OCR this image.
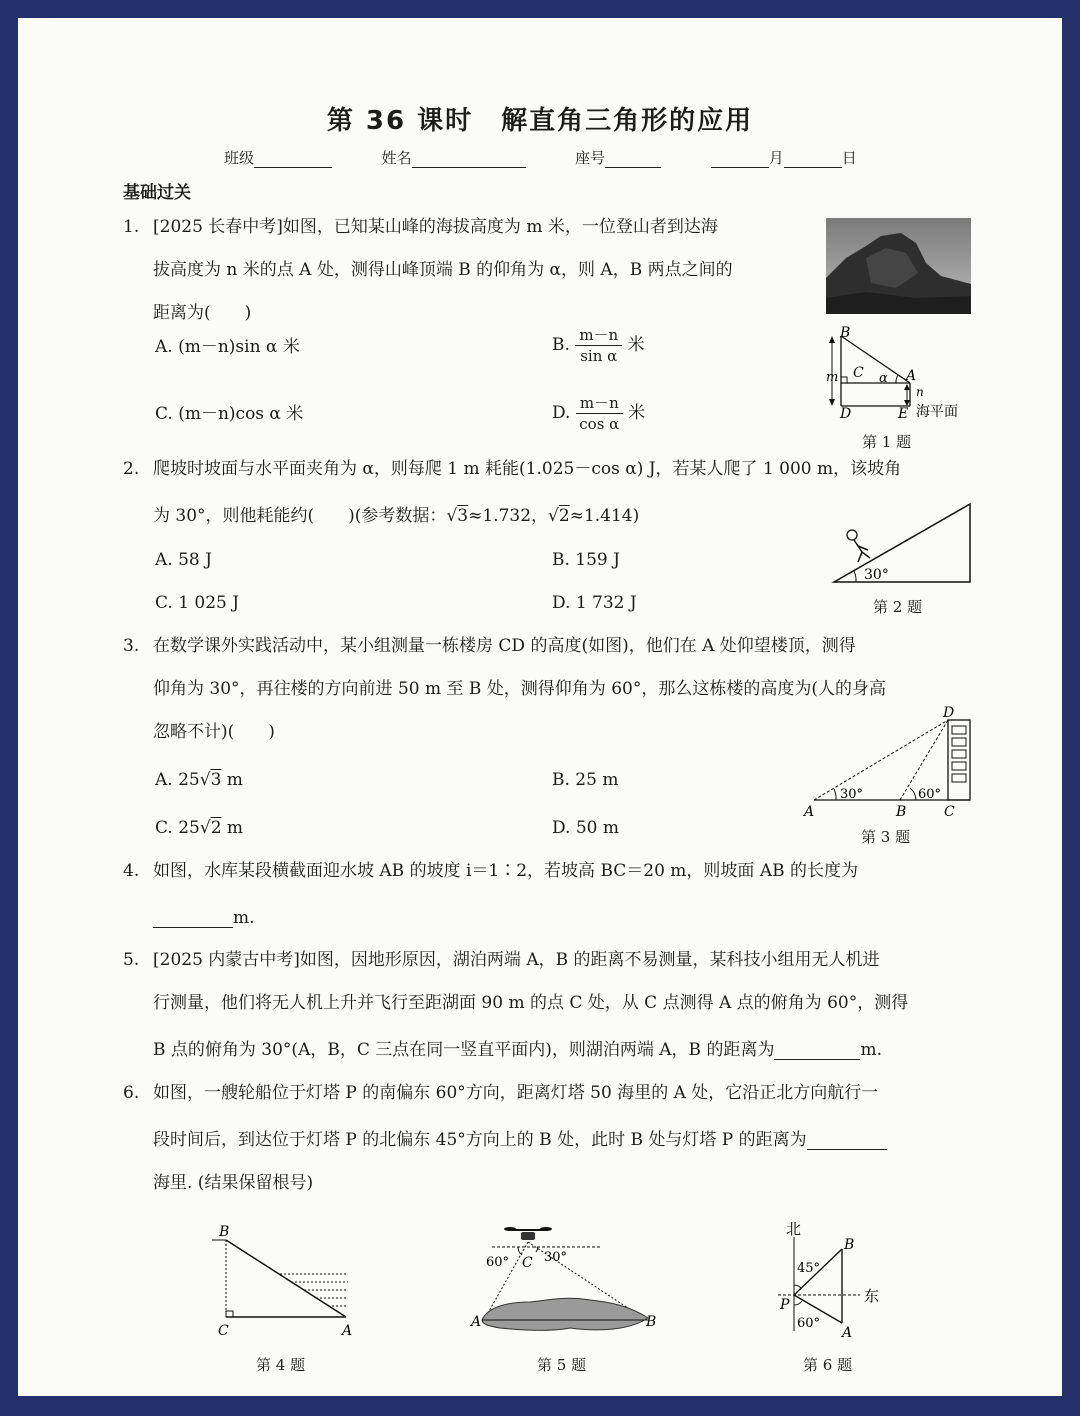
第 36 课时　解直角三角形的应用
班级	姓名	座号	月	日
基础过关
1. [2025 长春中考]如图，已知某山峰的海拔高度为 m 米，一位登山者到达海
拔高度为 n 米的点 A 处，测得山峰顶端 B 的仰角为 α，则 A，B 两点之间的
距离为(　　)
A. (m－n)sin α 米	B. $\frac{m-n}{\text{sin α}}$ 米
C. (m－n)cos α 米	D. $\frac{m-n}{\text{cos α}}$ 米
B
C α A
m
n
D	E 海平面
第 1 题
2. 爬坡时坡面与水平面夹角为 α，则每爬 1 m 耗能(1.025－cos α) J，若某人爬了 1 000 m，该坡角
为 30°，则他耗能约(　　)(参考数据：√3≈1.732，√2≈1.414)
A. 58 J	B. 159 J
C. 1 025 J	D. 1 732 J
30°
第 2 题
3. 在数学课外实践活动中，某小组测量一栋楼房 CD 的高度(如图)，他们在 A 处仰望楼顶，测得
仰角为 30°，再往楼的方向前进 50 m 至 B 处，测得仰角为 60°，那么这栋楼的高度为(人的身高
忽略不计)(　　)
A. 25√3 m	B. 25 m
C. 25√2 m	D. 50 m
D
A	B	C
30°	60°
第 3 题
4. 如图，水库某段横截面迎水坡 AB 的坡度 i＝1∶2，若坡高 BC＝20 m，则坡面 AB 的长度为
m.
5. [2025 内蒙古中考]如图，因地形原因，湖泊两端 A，B 的距离不易测量，某科技小组用无人机进
行测量，他们将无人机上升并飞行至距湖面 90 m 的点 C 处，从 C 点测得 A 点的俯角为 60°，测得
B 点的俯角为 30°(A，B，C 三点在同一竖直平面内)，则湖泊两端 A，B 的距离为	m.
6. 如图，一艘轮船位于灯塔 P 的南偏东 60°方向，距离灯塔 50 海里的 A 处，它沿正北方向航行一
段时间后，到达位于灯塔 P 的北偏东 45°方向上的 B 处，此时 B 处与灯塔 P 的距离为
海里. (结果保留根号)
B
C	A
第 4 题
C
60°	30°
A	B
第 5 题
北
东
B
P
A
45°
60°
第 6 题
